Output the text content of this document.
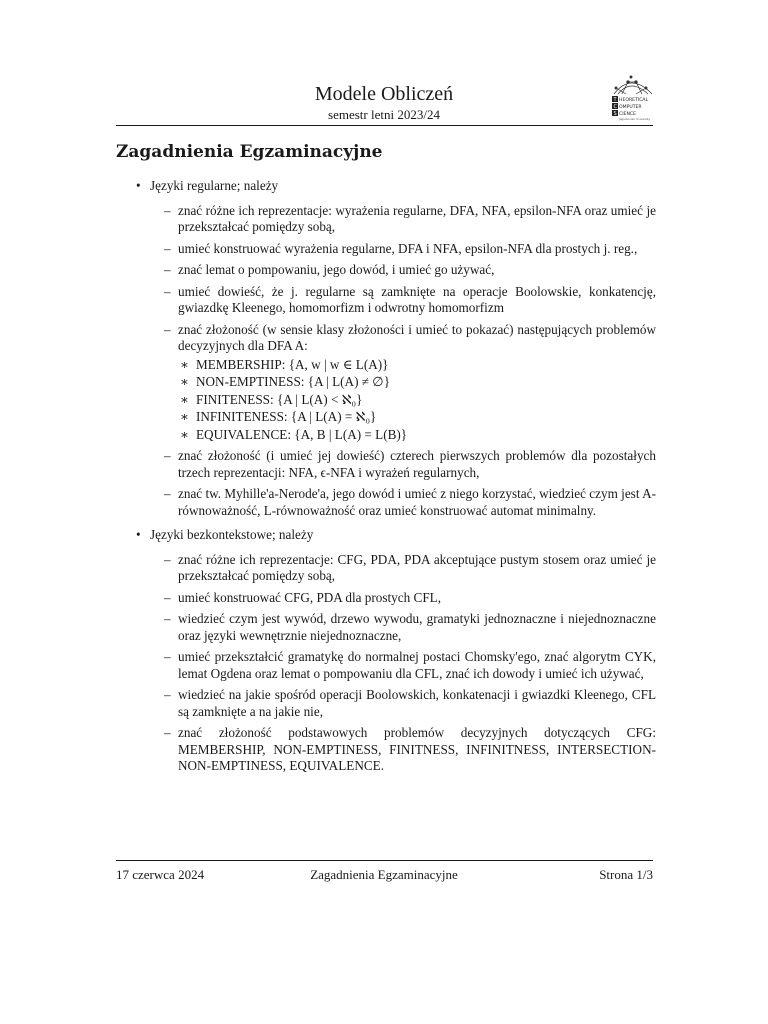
Modele Obliczeń
semestr letni 2023/24
T
C
S
HEORETICAL
OMPUTER
CIENCE
Jagiellonian University
Zagadnienia Egzaminacyjne
• Języki regularne; należy
– znać różne ich reprezentacje: wyrażenia regularne, DFA, NFA, epsilon-NFA oraz umieć je przekształcać pomiędzy sobą,
– umieć konstruować wyrażenia regularne, DFA i NFA, epsilon-NFA dla prostych j. reg.,
– znać lemat o pompowaniu, jego dowód, i umieć go używać,
– umieć dowieść, że j. regularne są zamknięte na operacje Boolowskie, konkatencję, gwiazdkę Kleenego, homomorfizm i odwrotny homomorfizm
– znać złożoność (w sensie klasy złożoności i umieć to pokazać) następujących problemów decyzyjnych dla DFA A:
∗ MEMBERSHIP: {A, w | w ∈ L(A)}
∗ NON-EMPTINESS: {A | L(A) ≠ ∅}
∗ FINITENESS: {A | L(A) < ℵ₀}
∗ INFINITENESS: {A | L(A) = ℵ₀}
∗ EQUIVALENCE: {A, B | L(A) = L(B)}
– znać złożoność (i umieć jej dowieść) czterech pierwszych problemów dla pozostałych trzech reprezentacji: NFA, ϵ-NFA i wyrażeń regularnych,
– znać tw. Myhille'a-Nerode'a, jego dowód i umieć z niego korzystać, wiedzieć czym jest A-równoważność, L-równoważność oraz umieć konstruować automat minimalny.
• Języki bezkontekstowe; należy
– znać różne ich reprezentacje: CFG, PDA, PDA akceptujące pustym stosem oraz umieć je przekształcać pomiędzy sobą,
– umieć konstruować CFG, PDA dla prostych CFL,
– wiedzieć czym jest wywód, drzewo wywodu, gramatyki jednoznaczne i niejednoznaczne oraz języki wewnętrznie niejednoznaczne,
– umieć przekształcić gramatykę do normalnej postaci Chomsky'ego, znać algorytm CYK, lemat Ogdena oraz lemat o pompowaniu dla CFL, znać ich dowody i umieć ich używać,
– wiedzieć na jakie spośród operacji Boolowskich, konkatenacji i gwiazdki Kleenego, CFL są zamknięte a na jakie nie,
– znać złożoność podstawowych problemów decyzyjnych dotyczących CFG: MEMBERSHIP, NON-EMPTINESS, FINITNESS, INFINITNESS, INTERSECTION-NON-EMPTINESS, EQUIVALENCE.
17 czerwca 2024	Zagadnienia Egzaminacyjne	Strona 1/3
